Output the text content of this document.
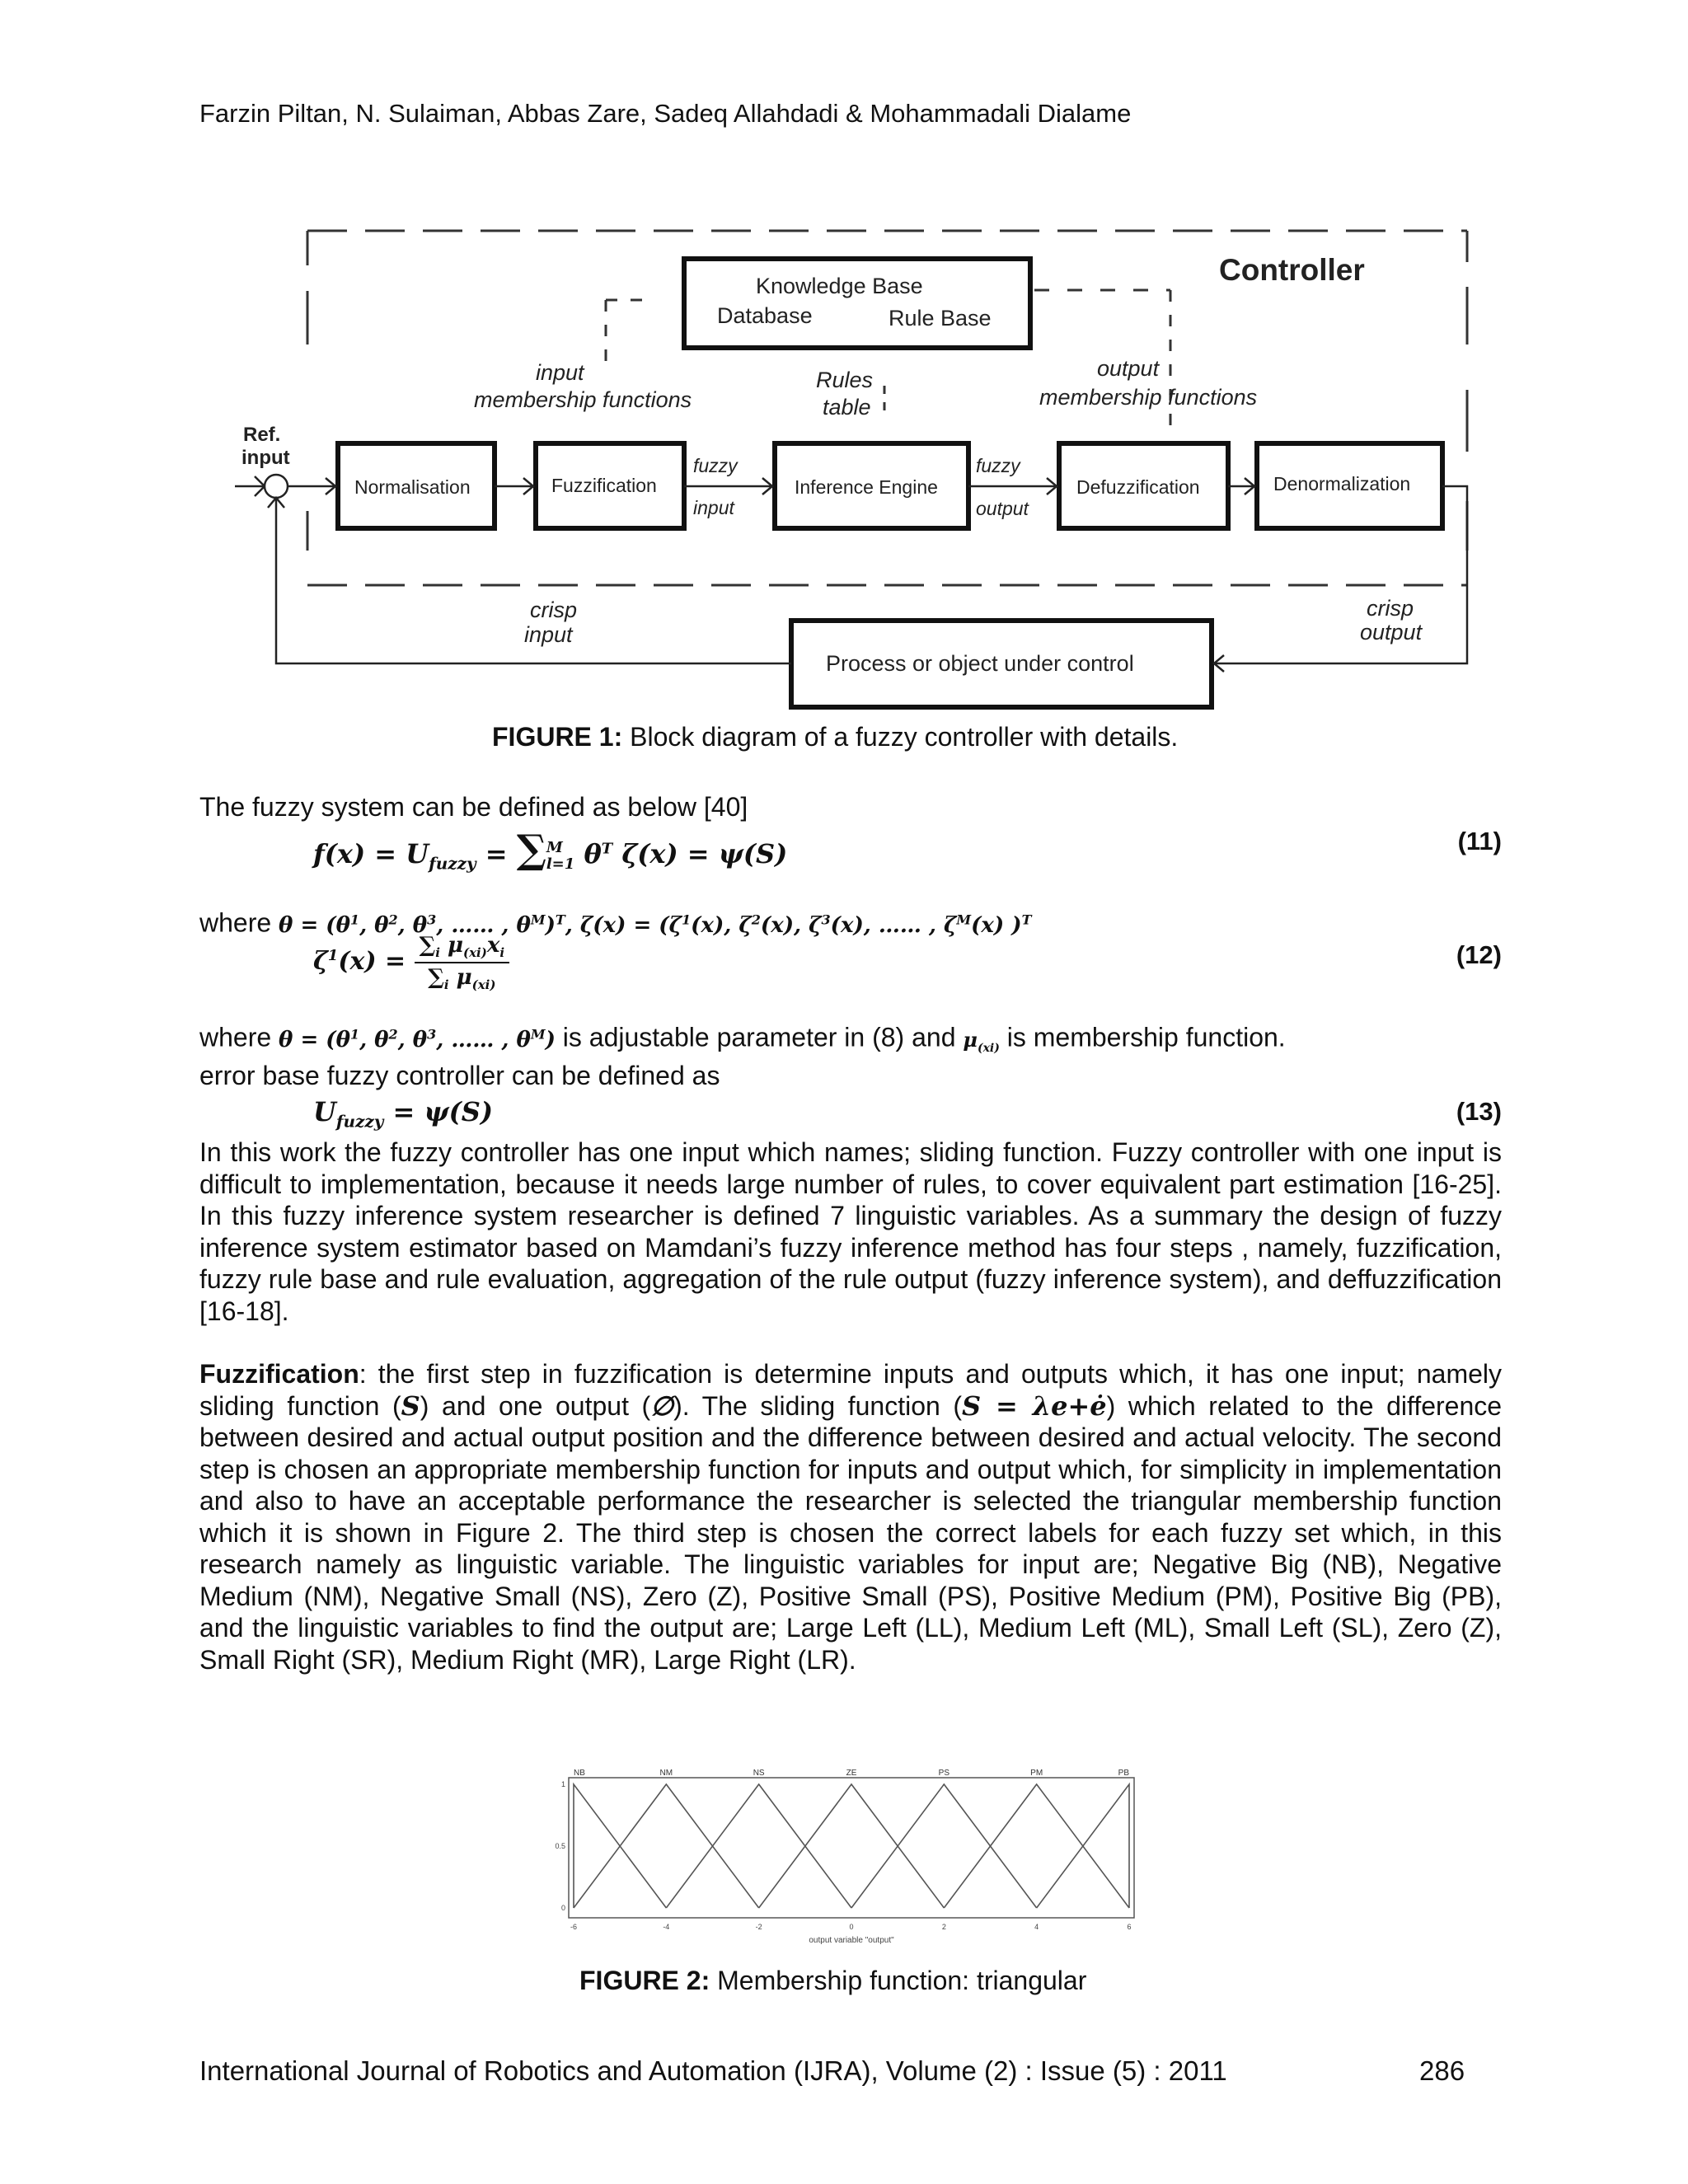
Farzin Piltan, N. Sulaiman, Abbas Zare, Sadeq Allahdadi & Mohammadali Dialame
Controller
Knowledge Base
Database	Rule Base
input
membership functions
Rules
table
output
membership functions
Ref.
input
Normalisation	Fuzzification
fuzzy
input
Inference Engine
fuzzy
output
Defuzzification	Denormalization
crisp
input
crisp
output
Process or object under control
FIGURE 1: Block diagram of a fuzzy controller with details.
The fuzzy system can be defined as below [40]
$f(x) = U_{fuzzy}$ = ∑ M
l=1 $\theta^T$ ζ(x) = ψ(S)	(11)
where $\theta = (\theta^1$, $\theta^2$, $\theta^3$, …… , $\theta^M)^T$, $\zeta(x) = (\zeta^1(x)$, $\zeta^2(x)$, $\zeta^3(x)$, …… , $\zeta^M(x)$ )$^T$
$\zeta^1(x) = \frac{\sum_i \mu_{(xi)}x_i}{\sum_i \mu_{(xi)}}$	(12)
where $\theta = (\theta^1$, $\theta^2$, $\theta^3$, …… , $\theta^M$) is adjustable parameter in (8) and $\mu_{(xi)}$ is membership function.
error base fuzzy controller can be defined as
$U_{fuzzy} = \psi(S)$	(13)

In this work the fuzzy controller has one input which names; sliding function. Fuzzy controller with one input is difficult to implementation, because it needs large number of rules, to cover equivalent part estimation [16-25]. In this fuzzy inference system researcher is defined 7 linguistic variables. As a summary the design of fuzzy inference system estimator based on Mamdani’s fuzzy inference method has four steps , namely, fuzzification, fuzzy rule base and rule evaluation, aggregation of the rule output (fuzzy inference system), and deffuzzification [16-18].

Fuzzification: the first step in fuzzification is determine inputs and outputs which, it has one input; namely sliding function (S) and one output (∅). The sliding function (S = λe+ė) which related to the difference between desired and actual output position and the difference between desired and actual velocity. The second step is chosen an appropriate membership function for inputs and output which, for simplicity in implementation and also to have an acceptable performance the researcher is selected the triangular membership function which it is shown in Figure 2. The third step is chosen the correct labels for each fuzzy set which, in this research namely as linguistic variable. The linguistic variables for input are; Negative Big (NB), Negative Medium (NM), Negative Small (NS), Zero (Z), Positive Small (PS), Positive Medium (PM), Positive Big (PB), and the linguistic variables to find the output are; Large Left (LL), Medium Left (ML), Small Left (SL), Zero (Z), Small Right (SR), Medium Right (MR), Large Right (LR).

NB	NM	NS	ZE	PS	PM	PB
-6	-4	-2	0	2	4	6
0
0.5
1
output variable "output"
FIGURE 2: Membership function: triangular
International Journal of Robotics and Automation (IJRA), Volume (2) : Issue (5) : 2011	286
